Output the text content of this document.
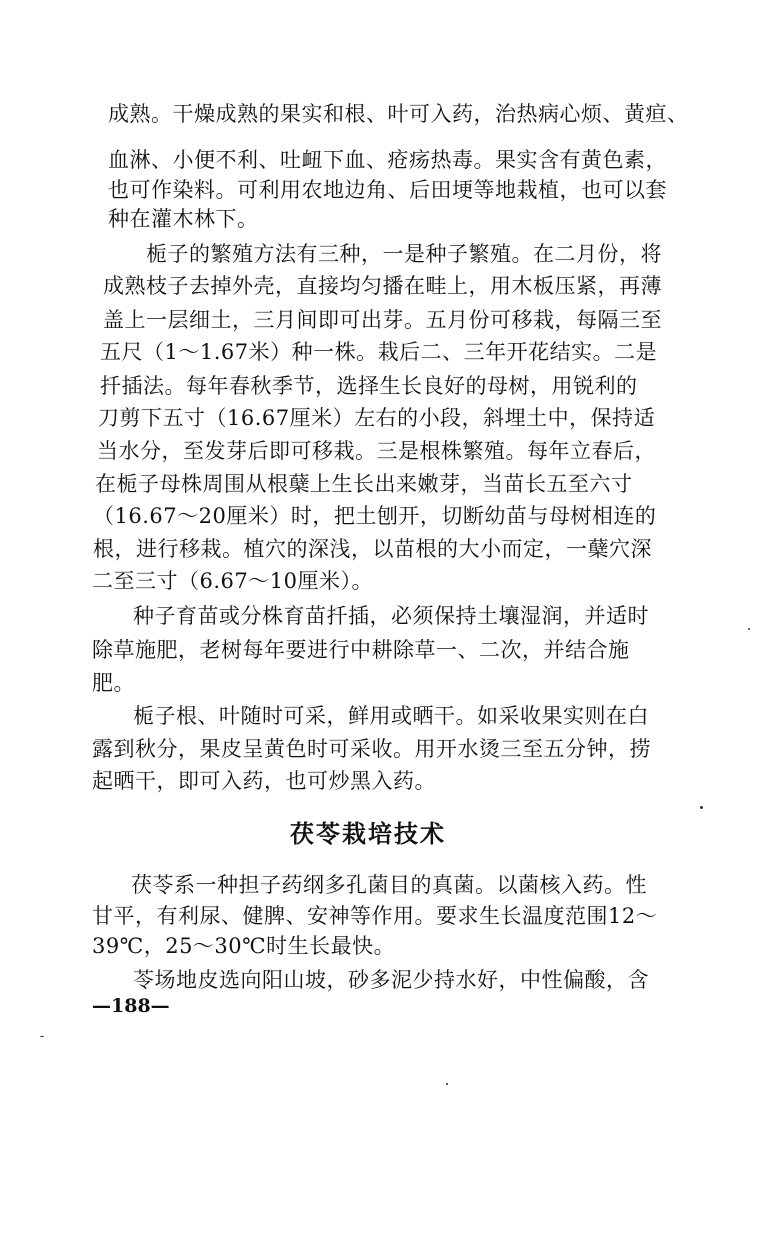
成熟。干燥成熟的果实和根、叶可入药，治热病心烦、黄疸、
血淋、小便不利、吐衄下血、疮疡热毒。果实含有黄色素，
也可作染料。可利用农地边角、后田埂等地栽植，也可以套
种在灌木林下。
栀子的繁殖方法有三种，一是种子繁殖。在二月份，将
成熟枝子去掉外壳，直接均匀播在畦上，用木板压紧，再薄
盖上一层细土，三月间即可出芽。五月份可移栽，每隔三至
五尺（1～1.67米）种一株。栽后二、三年开花结实。二是
扦插法。每年春秋季节，选择生长良好的母树，用锐利的
刀剪下五寸（16.67厘米）左右的小段，斜埋土中，保持适
当水分，至发芽后即可移栽。三是根株繁殖。每年立春后，
在栀子母株周围从根蘖上生长出来嫩芽，当苗长五至六寸
（16.67～20厘米）时，把土刨开，切断幼苗与母树相连的
根，进行移栽。植穴的深浅，以苗根的大小而定，一蘖穴深
二至三寸（6.67～10厘米）。
种子育苗或分株育苗扦插，必须保持土壤湿润，并适时
除草施肥，老树每年要进行中耕除草一、二次，并结合施
肥。
栀子根、叶随时可采，鲜用或晒干。如采收果实则在白
露到秋分，果皮呈黄色时可采收。用开水烫三至五分钟，捞
起晒干，即可入药，也可炒黑入药。
茯苓栽培技术
茯苓系一种担子药纲多孔菌目的真菌。以菌核入药。性
甘平，有利尿、健脾、安神等作用。要求生长温度范围12～
39℃，25～30℃时生长最快。
苓场地皮选向阳山坡，砂多泥少持水好，中性偏酸，含
—188—
